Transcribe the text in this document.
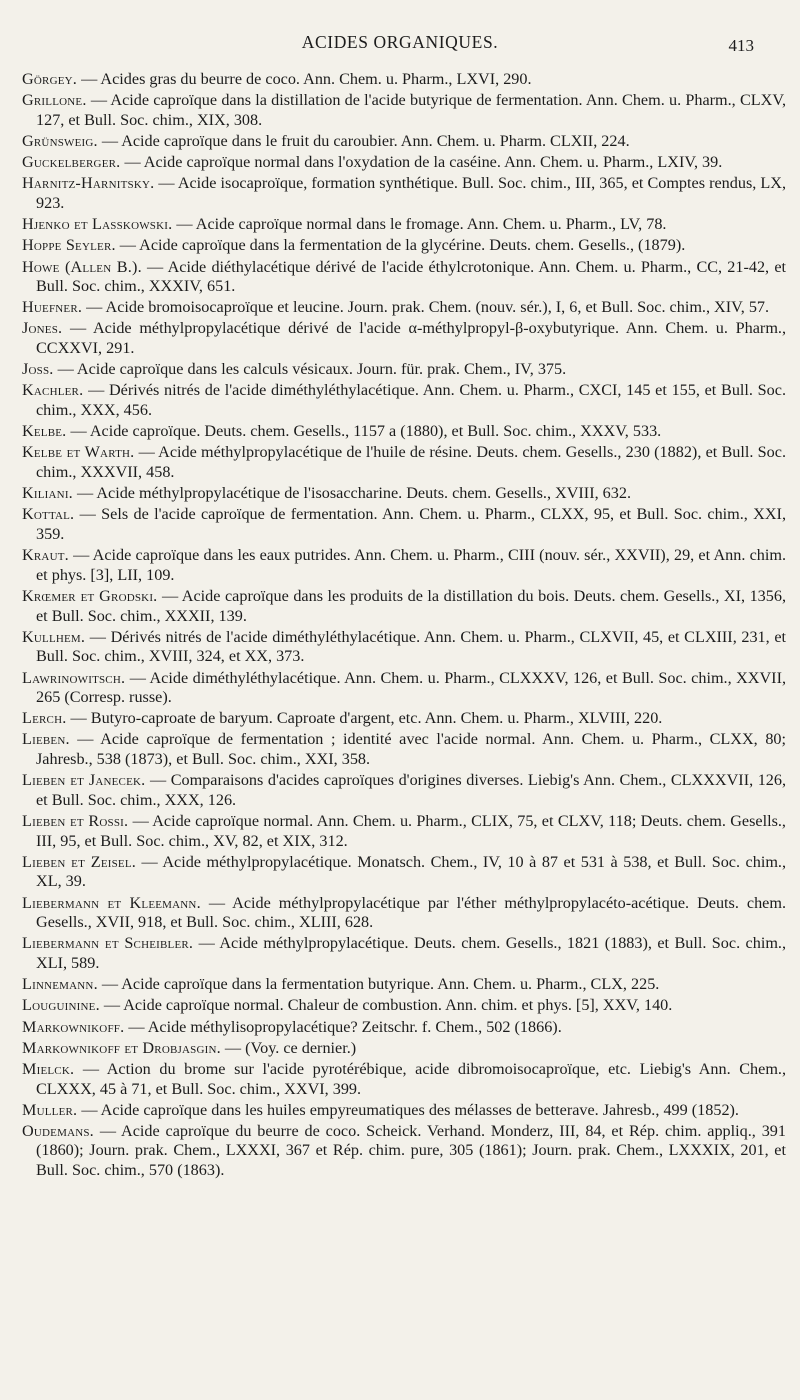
ACIDES ORGANIQUES.	413

Görgey. — Acides gras du beurre de coco. Ann. Chem. u. Pharm., LXVI, 290.

Grillone. — Acide caproïque dans la distillation de l'acide butyrique de fermentation. Ann. Chem. u. Pharm., CLXV, 127, et Bull. Soc. chim., XIX, 308.

Grünsweig. — Acide caproïque dans le fruit du caroubier. Ann. Chem. u. Pharm. CLXII, 224.

Guckelberger. — Acide caproïque normal dans l'oxydation de la caséine. Ann. Chem. u. Pharm., LXIV, 39.

Harnitz-Harnitsky. — Acide isocaproïque, formation synthétique. Bull. Soc. chim., III, 365, et Comptes rendus, LX, 923.

Hjenko et Lasskowski. — Acide caproïque normal dans le fromage. Ann. Chem. u. Pharm., LV, 78.

Hoppe Seyler. — Acide caproïque dans la fermentation de la glycérine. Deuts. chem. Gesells., (1879).

Howe (Allen B.). — Acide diéthylacétique dérivé de l'acide éthylcrotonique. Ann. Chem. u. Pharm., CC, 21-42, et Bull. Soc. chim., XXXIV, 651.

Huefner. — Acide bromoisocaproïque et leucine. Journ. prak. Chem. (nouv. sér.), I, 6, et Bull. Soc. chim., XIV, 57.

Jones. — Acide méthylpropylacétique dérivé de l'acide α-méthylpropyl-β-oxybutyrique. Ann. Chem. u. Pharm., CCXXVI, 291.

Joss. — Acide caproïque dans les calculs vésicaux. Journ. für. prak. Chem., IV, 375.

Kachler. — Dérivés nitrés de l'acide diméthyléthylacétique. Ann. Chem. u. Pharm., CXCI, 145 et 155, et Bull. Soc. chim., XXX, 456.

Kelbe. — Acide caproïque. Deuts. chem. Gesells., 1157 a (1880), et Bull. Soc. chim., XXXV, 533.

Kelbe et Warth. — Acide méthylpropylacétique de l'huile de résine. Deuts. chem. Gesells., 230 (1882), et Bull. Soc. chim., XXXVII, 458.

Kiliani. — Acide méthylpropylacétique de l'isosaccharine. Deuts. chem. Gesells., XVIII, 632.

Kottal. — Sels de l'acide caproïque de fermentation. Ann. Chem. u. Pharm., CLXX, 95, et Bull. Soc. chim., XXI, 359.

Kraut. — Acide caproïque dans les eaux putrides. Ann. Chem. u. Pharm., CIII (nouv. sér., XXVII), 29, et Ann. chim. et phys. [3], LII, 109.

Krœmer et Grodski. — Acide caproïque dans les produits de la distillation du bois. Deuts. chem. Gesells., XI, 1356, et Bull. Soc. chim., XXXII, 139.

Kullhem. — Dérivés nitrés de l'acide diméthyléthylacétique. Ann. Chem. u. Pharm., CLXVII, 45, et CLXIII, 231, et Bull. Soc. chim., XVIII, 324, et XX, 373.

Lawrinowitsch. — Acide diméthyléthylacétique. Ann. Chem. u. Pharm., CLXXXV, 126, et Bull. Soc. chim., XXVII, 265 (Corresp. russe).

Lerch. — Butyro-caproate de baryum. Caproate d'argent, etc. Ann. Chem. u. Pharm., XLVIII, 220.

Lieben. — Acide caproïque de fermentation ; identité avec l'acide normal. Ann. Chem. u. Pharm., CLXX, 80; Jahresb., 538 (1873), et Bull. Soc. chim., XXI, 358.

Lieben et Janecek. — Comparaisons d'acides caproïques d'origines diverses. Liebig's Ann. Chem., CLXXXVII, 126, et Bull. Soc. chim., XXX, 126.

Lieben et Rossi. — Acide caproïque normal. Ann. Chem. u. Pharm., CLIX, 75, et CLXV, 118; Deuts. chem. Gesells., III, 95, et Bull. Soc. chim., XV, 82, et XIX, 312.

Lieben et Zeisel. — Acide méthylpropylacétique. Monatsch. Chem., IV, 10 à 87 et 531 à 538, et Bull. Soc. chim., XL, 39.

Liebermann et Kleemann. — Acide méthylpropylacétique par l'éther méthylpropylacéto-acétique. Deuts. chem. Gesells., XVII, 918, et Bull. Soc. chim., XLIII, 628.

Liebermann et Scheibler. — Acide méthylpropylacétique. Deuts. chem. Gesells., 1821 (1883), et Bull. Soc. chim., XLI, 589.

Linnemann. — Acide caproïque dans la fermentation butyrique. Ann. Chem. u. Pharm., CLX, 225.

Louguinine. — Acide caproïque normal. Chaleur de combustion. Ann. chim. et phys. [5], XXV, 140.

Markownikoff. — Acide méthylisopropylacétique? Zeitschr. f. Chem., 502 (1866).

Markownikoff et Drobjasgin. — (Voy. ce dernier.)

Mielck. — Action du brome sur l'acide pyrotérébique, acide dibromoisocaproïque, etc. Liebig's Ann. Chem., CLXXX, 45 à 71, et Bull. Soc. chim., XXVI, 399.

Muller. — Acide caproïque dans les huiles empyreumatiques des mélasses de betterave. Jahresb., 499 (1852).

Oudemans. — Acide caproïque du beurre de coco. Scheick. Verhand. Monderz, III, 84, et Rép. chim. appliq., 391 (1860); Journ. prak. Chem., LXXXI, 367 et Rép. chim. pure, 305 (1861); Journ. prak. Chem., LXXXIX, 201, et Bull. Soc. chim., 570 (1863).
